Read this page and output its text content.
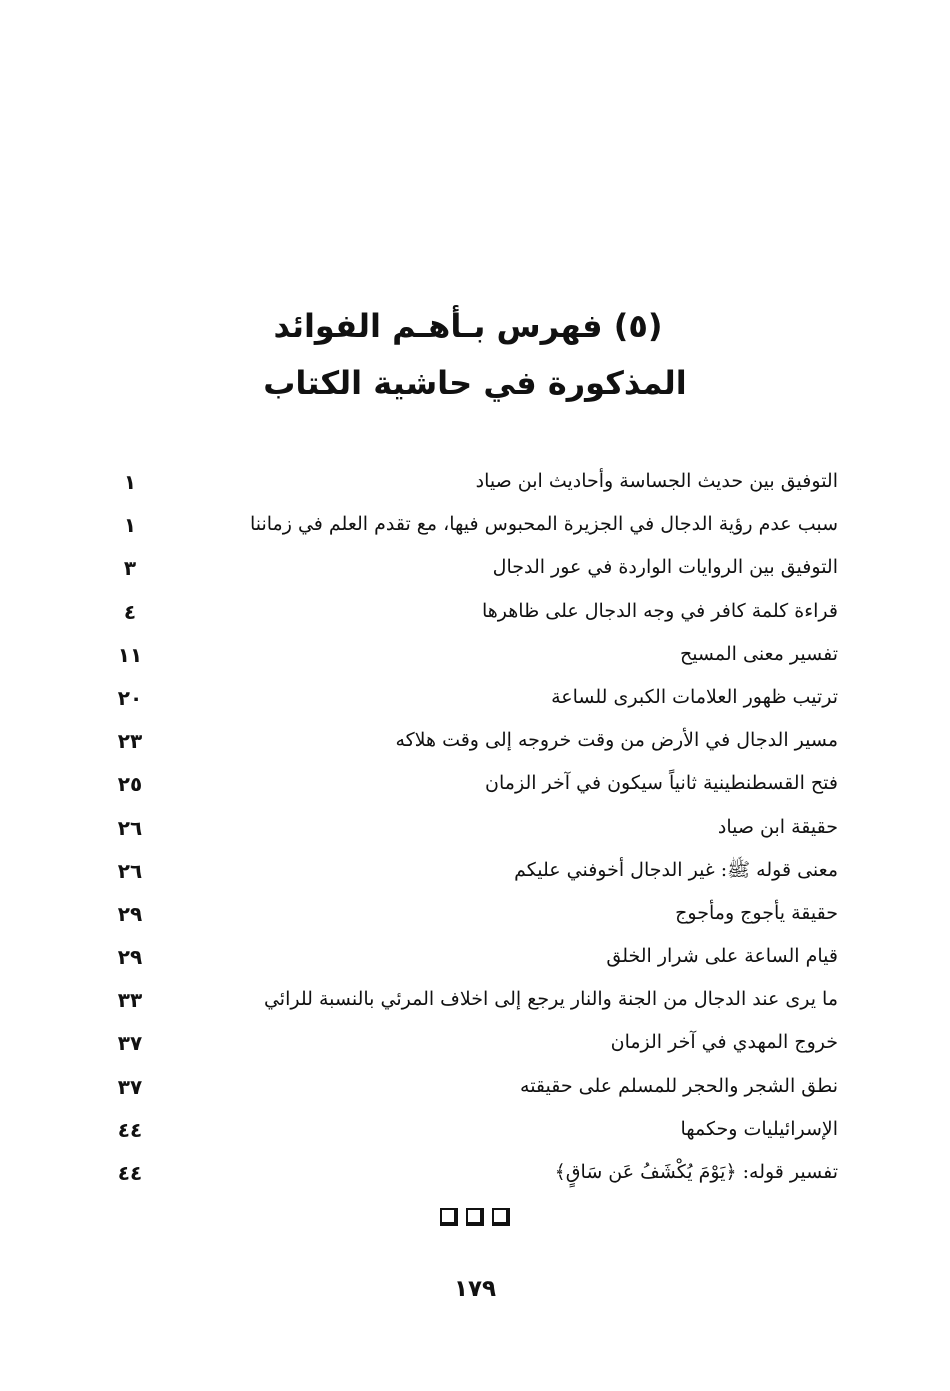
(٥) فهرس بـأهـم الفوائد
المذكورة في حاشية الكتاب
التوفيق بين حديث الجساسة وأحاديث ابن صياد
١
سبب عدم رؤية الدجال في الجزيرة المحبوس فيها، مع تقدم العلم في زماننا
١
التوفيق بين الروايات الواردة في عور الدجال
٣
قراءة كلمة كافر في وجه الدجال على ظاهرها
٤
تفسير معنى المسيح
١١
ترتيب ظهور العلامات الكبرى للساعة
٢٠
مسير الدجال في الأرض من وقت خروجه إلى وقت هلاكه
٢٣
فتح القسطنطينية ثانياً سيكون في آخر الزمان
٢٥
حقيقة ابن صياد
٢٦
معنى قوله ﷺ: غير الدجال أخوفني عليكم
٢٦
حقيقة يأجوج ومأجوج
٢٩
قيام الساعة على شرار الخلق
٢٩
ما يرى عند الدجال من الجنة والنار يرجع إلى اخلاف المرئي بالنسبة للرائي
٣٣
خروج المهدي في آخر الزمان
٣٧
نطق الشجر والحجر للمسلم على حقيقته
٣٧
الإسرائيليات وحكمها
٤٤
تفسير قوله: ﴿يَوْمَ يُكْشَفُ عَن سَاقٍ﴾
٤٤
١٧٩
